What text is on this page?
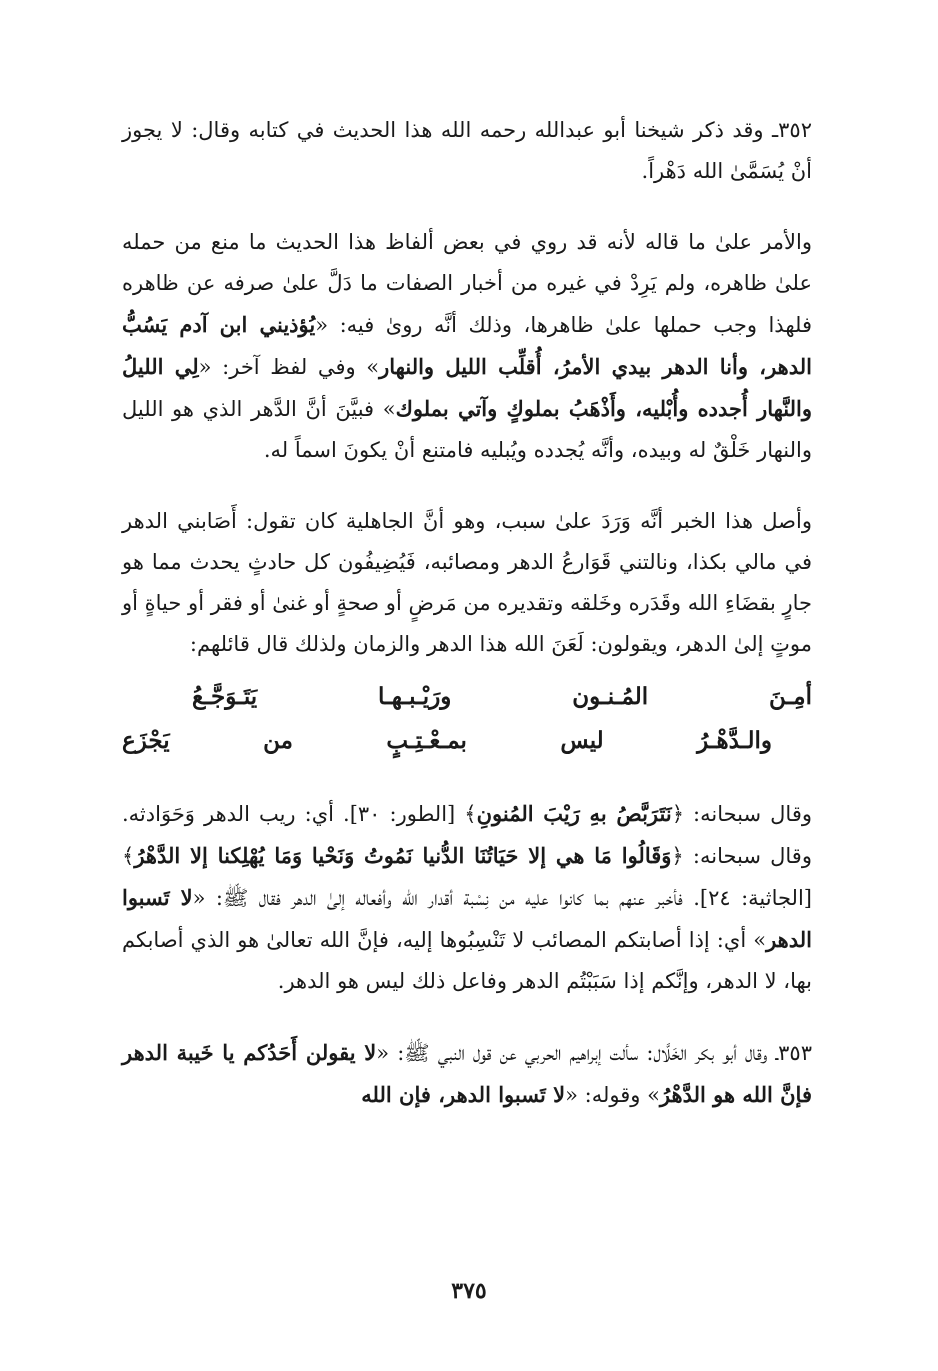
٣٥٢ـ وقد ذكر شيخنا أبو عبدالله رحمه الله هذا الحديث في كتابه وقال: لا يجوز أنْ يُسَمَّىٰ الله دَهْراً.

والأمر علىٰ ما قاله لأنه قد روي في بعض ألفاظ هذا الحديث ما منع من حمله علىٰ ظاهره، ولم يَرِدْ في غيره من أخبار الصفات ما دَلَّ علىٰ صرفه عن ظاهره فلهذا وجب حملها علىٰ ظاهرها، وذلك أنَّه روىٰ فيه: «يُؤذيني ابن آدم يَسُبُّ الدهر، وأنا الدهر بيدي الأمرُ، أُقلِّب الليل والنهار» وفي لفظ آخر: «لِي الليلُ والنَّهار أُجدده وأُبْليه، وأَذْهَبُ بملوكٍ وآتي بملوك» فبيَّنَ أنَّ الدَّهر الذي هو الليل والنهار خَلْقٌ له وبيده، وأنَّه يُجدده ويُبليه فامتنع أنْ يكونَ اسماً له.

وأصل هذا الخبر أنَّه وَرَدَ علىٰ سبب، وهو أنَّ الجاهلية كان تقول: أَصَابني الدهر في مالي بكذا، ونالتني قَوَارعُ الدهر ومصائبه، فَيُضِيفُون كل حادثٍ يحدث مما هو جارٍ بقضَاءِ الله وقَدَره وخَلقه وتقديره من مَرضٍ أو صحةٍ أو غنىٰ أو فقر أو حياةٍ أو موتٍ إلىٰ الدهر، ويقولون: لَعَنَ الله هذا الدهر والزمان ولذلك قال قائلهم:

أمِـنَ المُـنـون ورَيْـبـهـا يَتَـوَجَّـعُ
والـدَّهْـرُ ليس بمـعْـتِـبٍ من يَجْزَع

وقال سبحانه: ﴿نَتَرَبَّصُ بهِ رَيْبَ المُنونِ﴾ [الطور: ٣٠]. أي: ريب الدهر وَحَوَادثه. وقال سبحانه: ﴿وَقَالُوا مَا هي إلا حَيَاتُنَا الدُّنيا نَمُوتُ وَنَحْيا وَمَا يُهْلِكنا إلا الدَّهْرُ﴾ [الجاثية: ٢٤]. فأخبر عنهم بما كانوا عليه من نِسْبة أقدار الله وأفعاله إلىٰ الدهر فقال ﷺ: «لا تَسبوا الدهر» أي: إذا أصابتكم المصائب لا تَنْسِبُوها إليه، فإنَّ الله تعالىٰ هو الذي أصابكم بها، لا الدهر، وإنَّكم إذا سَبَبْتُم الدهر وفاعل ذلك ليس هو الدهر.

٣٥٣ـ وقال أبو بكر الخَلَّال: سألت إبراهيم الحربي عن قول النبي ﷺ: «لا يقولن أَحَدُكم يا خَيبة الدهر فإنَّ الله هو الدَّهْرُ» وقوله: «لا تَسبوا الدهر، فإن الله

٣٧٥
